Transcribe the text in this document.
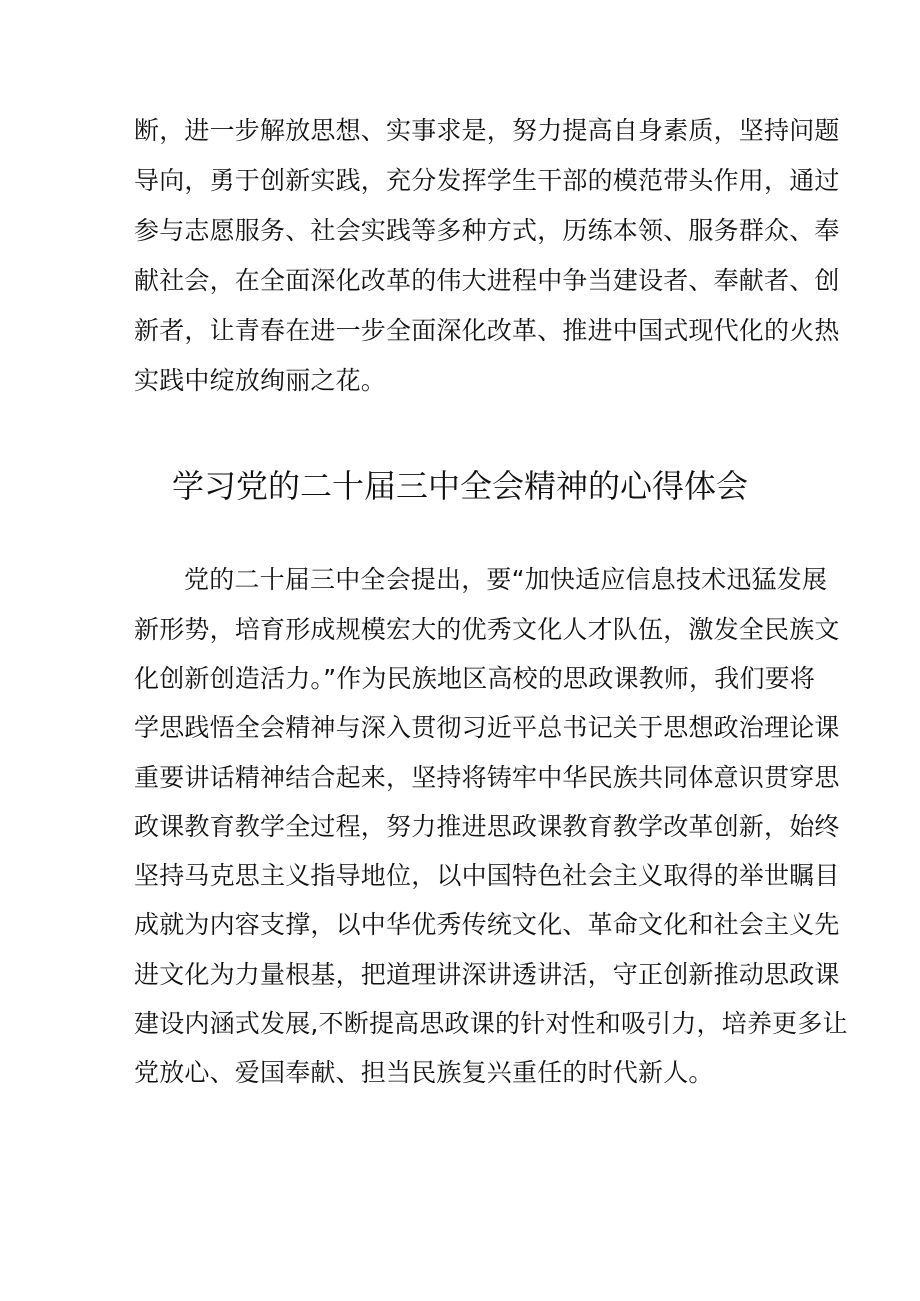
断，进一步解放思想、实事求是，努力提高自身素质，坚持问题
导向，勇于创新实践，充分发挥学生干部的模范带头作用，通过
参与志愿服务、社会实践等多种方式，历练本领、服务群众、奉
献社会，在全面深化改革的伟大进程中争当建设者、奉献者、创
新者，让青春在进一步全面深化改革、推进中国式现代化的火热
实践中绽放绚丽之花。
学习党的二十届三中全会精神的心得体会
党的二十届三中全会提出，要“加快适应信息技术迅猛发展
新形势，培育形成规模宏大的优秀文化人才队伍，激发全民族文
化创新创造活力。”作为民族地区高校的思政课教师，我们要将
学思践悟全会精神与深入贯彻习近平总书记关于思想政治理论课
重要讲话精神结合起来，坚持将铸牢中华民族共同体意识贯穿思
政课教育教学全过程，努力推进思政课教育教学改革创新，始终
坚持马克思主义指导地位，以中国特色社会主义取得的举世瞩目
成就为内容支撑，以中华优秀传统文化、革命文化和社会主义先
进文化为力量根基，把道理讲深讲透讲活，守正创新推动思政课
建设内涵式发展,不断提高思政课的针对性和吸引力，培养更多让
党放心、爱国奉献、担当民族复兴重任的时代新人。
